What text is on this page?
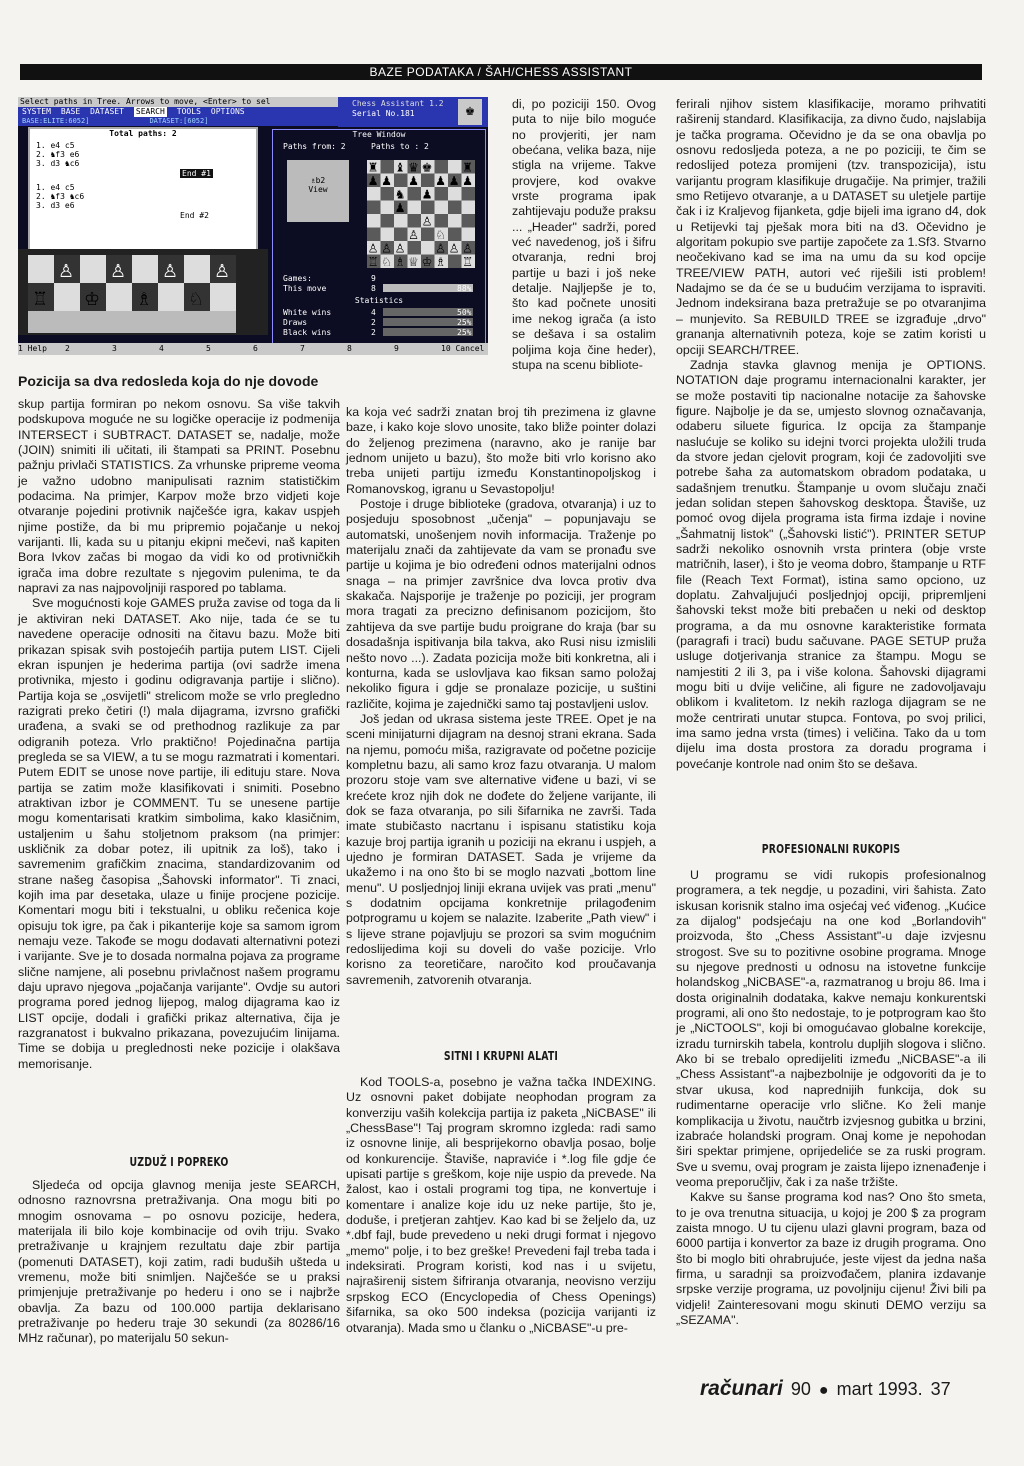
BAZE PODATAKA / ŠAH/CHESS ASSISTANT
Select paths in Tree. Arrows to move, <Enter> to sel
SYSTEM BASE DATASET SEARCH TOOLS OPTIONS
BASE:ELITE:6052]	DATASET:[6052]
Chess Assistant 1.2
Serial No.181	♚
Total paths: 2
1. e4 c5
2. ♞f3 e6
3. d3 ♞c6
End #1
1. e4 c5
2. ♞f3 ♞c6
3. d3 e6
End #2
♙ ♙ ♙ ♙
♖ ♔ ♗ ♘
Tree Window
Paths from: 2	Paths to : 2
♗b2
View
Games:	9
This move	8	88%
Statistics
White wins	4	50%
Draws	2	25%
Black wins	2	25%
1 Help	2	3	4	5	6	7	8	9	10 Cancel
Pozicija sa dva redosleda koja do nje dovode

skup partija formiran po nekom osnovu. Sa više takvih podskupova moguće ne su logičke operacije iz podmenija INTERSECT i SUBTRACT. DATASET se, nadalje, može (JOIN) snimiti ili učitati, ili štampati sa PRINT. Posebnu pažnju privlači STATISTICS. Za vrhunske pripreme veoma je važno udobno manipulisati raznim statističkim podacima. Na primjer, Karpov može brzo vidjeti koje otvaranje pojedini protivnik najčešće igra, kakav uspjeh njime postiže, da bi mu pripremio pojačanje u nekoj varijanti. Ili, kada su u pitanju ekipni mečevi, naš kapiten Bora Ivkov začas bi mogao da vidi ko od protivničkih igrača ima dobre rezultate s njegovim pulenima, te da napravi za nas najpovoljniji raspored po tablama.

Sve mogućnosti koje GAMES pruža zavise od toga da li je aktiviran neki DATASET. Ako nije, tada će se tu navedene operacije odnositi na čitavu bazu. Može biti prikazan spisak svih postojećih partija putem LIST. Cijeli ekran ispunjen je hederima partija (ovi sadrže imena protivnika, mjesto i godinu odigravanja partije i slično). Partija koja se „osvijetli" strelicom može se vrlo pregledno razigrati preko četiri (!) mala dijagrama, izvrsno grafički urađena, a svaki se od prethodnog razlikuje za par odigranih poteza. Vrlo praktično! Pojedinačna partija pregleda se sa VIEW, a tu se mogu razmatrati i komentari. Putem EDIT se unose nove partije, ili edituju stare. Nova partija se zatim može klasifikovati i snimiti. Posebno atraktivan izbor je COMMENT. Tu se unesene partije mogu komentarisati kratkim simbolima, kako klasičnim, ustaljenim u šahu stoljetnom praksom (na primjer: uskličnik za dobar potez, ili upitnik za loš), tako i savremenim grafičkim znacima, standardizovanim od strane našeg časopisa „Šahovski informator". Ti znaci, kojih ima par desetaka, ulaze u finije procjene pozicije. Komentari mogu biti i tekstualni, u obliku rečenica koje opisuju tok igre, pa čak i pikanterije koje sa samom igrom nemaju veze. Takođe se mogu dodavati alternativni potezi i varijante. Sve je to dosada normalna pojava za programe slične namjene, ali posebnu privlačnost našem programu daju upravo njegova „pojačanja varijante". Ovdje su autori programa pored jednog lijepog, malog dijagrama kao iz LIST opcije, dodali i grafički prikaz alternativa, čija je razgranatost i bukvalno prikazana, povezujućim linijama. Time se dobija u preglednosti neke pozicije i olakšava memorisanje.

UZDUŽ I POPREKO

Sljedeća od opcija glavnog menija jeste SEARCH, odnosno raznovrsna pretraživanja. Ona mogu biti po mnogim osnovama – po osnovu pozicije, hedera, materijala ili bilo koje kombinacije od ovih triju. Svako pretraživanje u krajnjem rezultatu daje zbir partija (pomenuti DATASET), koji zatim, radi buduših ušteda u vremenu, može biti snimljen. Najčešće se u praksi primjenjuje pretraživanje po hederu i ono se i najbrže obavlja. Za bazu od 100.000 partija deklarisano pretraživanje po hederu traje 30 sekundi (za 80286/16 MHz računar), po materijalu 50 sekun-

di, po poziciji 150. Ovog puta to nije bilo moguće no provjeriti, jer nam obećana, velika baza, nije stigla na vrijeme. Takve provjere, kod ovakve vrste programa ipak zahtijevaju poduže praksu ... „Header" sadrži, pored već navedenog, još i šifru otvaranja, redni broj partije u bazi i još neke detalje. Najljepše je to, što kad počnete unositi ime nekog igrača (a isto se dešava i sa ostalim poljima koja čine heder), stupa na scenu bibliote-

ka koja već sadrži znatan broj tih prezimena iz glavne baze, i kako koje slovo unosite, tako bliže pointer dolazi do željenog prezimena (naravno, ako je ranije bar jednom unijeto u bazu), što može biti vrlo korisno ako treba unijeti partiju između Konstantinopoljskog i Romanovskog, igranu u Sevastopolju!

Postoje i druge biblioteke (gradova, otvaranja) i uz to posjeduju sposobnost „učenja" – popunjavaju se automatski, unošenjem novih informacija. Traženje po materijalu znači da zahtijevate da vam se pronađu sve partije u kojima je bio određeni odnos materijalni odnos snaga – na primjer završnice dva lovca protiv dva skakača. Najsporije je traženje po poziciji, jer program mora tragati za precizno definisanom pozicijom, što zahtijeva da sve partije budu proigrane do kraja (bar su dosadašnja ispitivanja bila takva, ako Rusi nisu izmislili nešto novo ...). Zadata pozicija može biti konkretna, ali i konturna, kada se uslovljava kao fiksan samo položaj nekoliko figura i gdje se pronalaze pozicije, u suštini različite, kojima je zajednički samo taj postavljeni uslov.

Još jedan od ukrasa sistema jeste TREE. Opet je na sceni minijaturni dijagram na desnoj strani ekrana. Sada na njemu, pomoću miša, razigravate od početne pozicije kompletnu bazu, ali samo kroz fazu otvaranja. U malom prozoru stoje vam sve alternative viđene u bazi, vi se krećete kroz njih dok ne dođete do željene varijante, ili dok se faza otvaranja, po sili šifarnika ne završi. Tada imate stubičasto nacrtanu i ispisanu statistiku koja kazuje broj partija igranih u poziciji na ekranu i uspjeh, a ujedno je formiran DATASET. Sada je vrijeme da ukažemo i na ono što bi se moglo nazvati „bottom line menu". U posljednjoj liniji ekrana uvijek vas prati „menu" s dodatnim opcijama konkretnije prilagođenim potprogramu u kojem se nalazite. Izaberite „Path view" i s lijeve strane pojavljuju se prozori sa svim mogućnim redoslijedima koji su doveli do vaše pozicije. Vrlo korisno za teoretičare, naročito kod proučavanja savremenih, zatvorenih otvaranja.

SITNI I KRUPNI ALATI

Kod TOOLS-a, posebno je važna tačka INDEXING. Uz osnovni paket dobijate neophodan program za konverziju vaših kolekcija partija iz paketa „NiCBASE" ili „ChessBase"! Taj program skromno izgleda: radi samo iz osnovne linije, ali besprijekorno obavlja posao, bolje od konkurencije. Štaviše, napraviće i *.log file gdje će upisati partije s greškom, koje nije uspio da prevede. Na žalost, kao i ostali programi tog tipa, ne konvertuje i komentare i analize koje idu uz neke partije, što je, doduše, i pretjeran zahtjev. Kao kad bi se željelo da, uz *.dbf fajl, bude prevedeno u neki drugi format i njegovo „memo" polje, i to bez greške! Prevedeni fajl treba tada i indeksirati. Program koristi, kod nas i u svijetu, najraširenij sistem šifriranja otvaranja, neovisno verziju srpskog ECO (Encyclopedia of Chess Openings) šifarnika, sa oko 500 indeksa (pozicija varijanti iz otvaranja). Mada smo u članku o „NiCBASE"-u pre-

ferirali njihov sistem klasifikacije, moramo prihvatiti raširenij standard. Klasifikacija, za divno čudo, najslabija je tačka programa. Očevidno je da se ona obavlja po osnovu redosljeda poteza, a ne po poziciji, te čim se redoslijed poteza promijeni (tzv. transpozicija), istu varijantu program klasifikuje drugačije. Na primjer, tražili smo Retijevo otvaranje, a u DATASET su uletjele partije čak i iz Kraljevog fijanketa, gdje bijeli ima igrano d4, dok u Retijevki taj pješak mora biti na d3. Očevidno je algoritam pokupio sve partije započete za 1.Sf3. Stvarno neočekivano kad se ima na umu da su kod opcije TREE/VIEW PATH, autori već riješili isti problem! Nadajmo se da će se u budućim verzijama to ispraviti. Jednom indeksirana baza pretražuje se po otvaranjima – munjevito. Sa REBUILD TREE se izgrađuje „drvo" grananja alternativnih poteza, koje se zatim koristi u opciji SEARCH/TREE.

Zadnja stavka glavnog menija je OPTIONS. NOTATION daje programu internacionalni karakter, jer se može postaviti tip nacionalne notacije za šahovske figure. Najbolje je da se, umjesto slovnog označavanja, odaberu siluete figurica. Iz opcija za štampanje naslućuje se koliko su idejni tvorci projekta uložili truda da stvore jedan cjelovit program, koji će zadovoljiti sve potrebe šaha za automatskom obradom podataka, u sadašnjem trenutku. Štampanje u ovom slučaju znači jedan solidan stepen šahovskog desktopa. Štaviše, uz pomoć ovog dijela programa ista firma izdaje i novine „Šahmatnij listok" („Šahovski listić"). PRINTER SETUP sadrži nekoliko osnovnih vrsta printera (obje vrste matričnih, laser), i što je veoma dobro, štampanje u RTF file (Reach Text Format), istina samo opciono, uz doplatu. Zahvaljujući posljednjoj opciji, pripremljeni šahovski tekst može biti prebačen u neki od desktop programa, a da mu osnovne karakteristike formata (paragrafi i traci) budu sačuvane. PAGE SETUP pruža usluge dotjerivanja stranice za štampu. Mogu se namjestiti 2 ili 3, pa i više kolona. Šahovski dijagrami mogu biti u dvije veličine, ali figure ne zadovoljavaju oblikom i kvalitetom. Iz nekih razloga dijagram se ne može centrirati unutar stupca. Fontova, po svoj prilici, ima samo jedna vrsta (times) i veličina. Tako da u tom dijelu ima dosta prostora za doradu programa i povećanje kontrole nad onim što se dešava.

PROFESIONALNI RUKOPIS

U programu se vidi rukopis profesionalnog programera, a tek negdje, u pozadini, viri šahista. Zato iskusan korisnik stalno ima osjećaj već viđenog. „Kućice za dijalog" podsjećaju na one kod „Borlandovih" proizvoda, što „Chess Assistant"-u daje izvjesnu strogost. Sve su to pozitivne osobine programa. Mnoge su njegove prednosti u odnosu na istovetne funkcije holandskog „NiCBASE"-a, razmatranog u broju 86. Ima i dosta originalnih dodataka, kakve nemaju konkurentski programi, ali ono što nedostaje, to je potprogram kao što je „NiCTOOLS", koji bi omogućavao globalne korekcije, izradu turnirskih tabela, kontrolu dupljih slogova i slično. Ako bi se trebalo opredijeliti između „NiCBASE"-a ili „Chess Assistant"-a najbezbolnije je odgovoriti da je to stvar ukusa, kod naprednijih funkcija, dok su rudimentarne operacije vrlo slične. Ko želi manje komplikacija u životu, naučtrb izvjesnog gubitka u brzini, izabraće holandski program. Onaj kome je nepohodan širi spektar primjene, opriјedeliće se za ruski program. Sve u svemu, ovaj program je zaista lijepo iznenađenje i veoma preporučljiv, čak i za naše tržište.

Kakve su šanse programa kod nas? Ono što smeta, to je ova trenutna situacija, u kojoj je 200 $ za program zaista mnogo. U tu cijenu ulazi glavni program, baza od 6000 partija i konvertor za baze iz drugih programa. Ono što bi moglo biti ohrabrujuće, jeste vijest da jedna naša firma, u saradnji sa proizvođačem, planira izdavanje srpske verzije programa, uz povoljniju cijenu! Živi bili pa vidjeli! Zainteresovani mogu skinuti DEMO verziju sa „SEZAMA".

računari 90 ● mart 1993. 37
